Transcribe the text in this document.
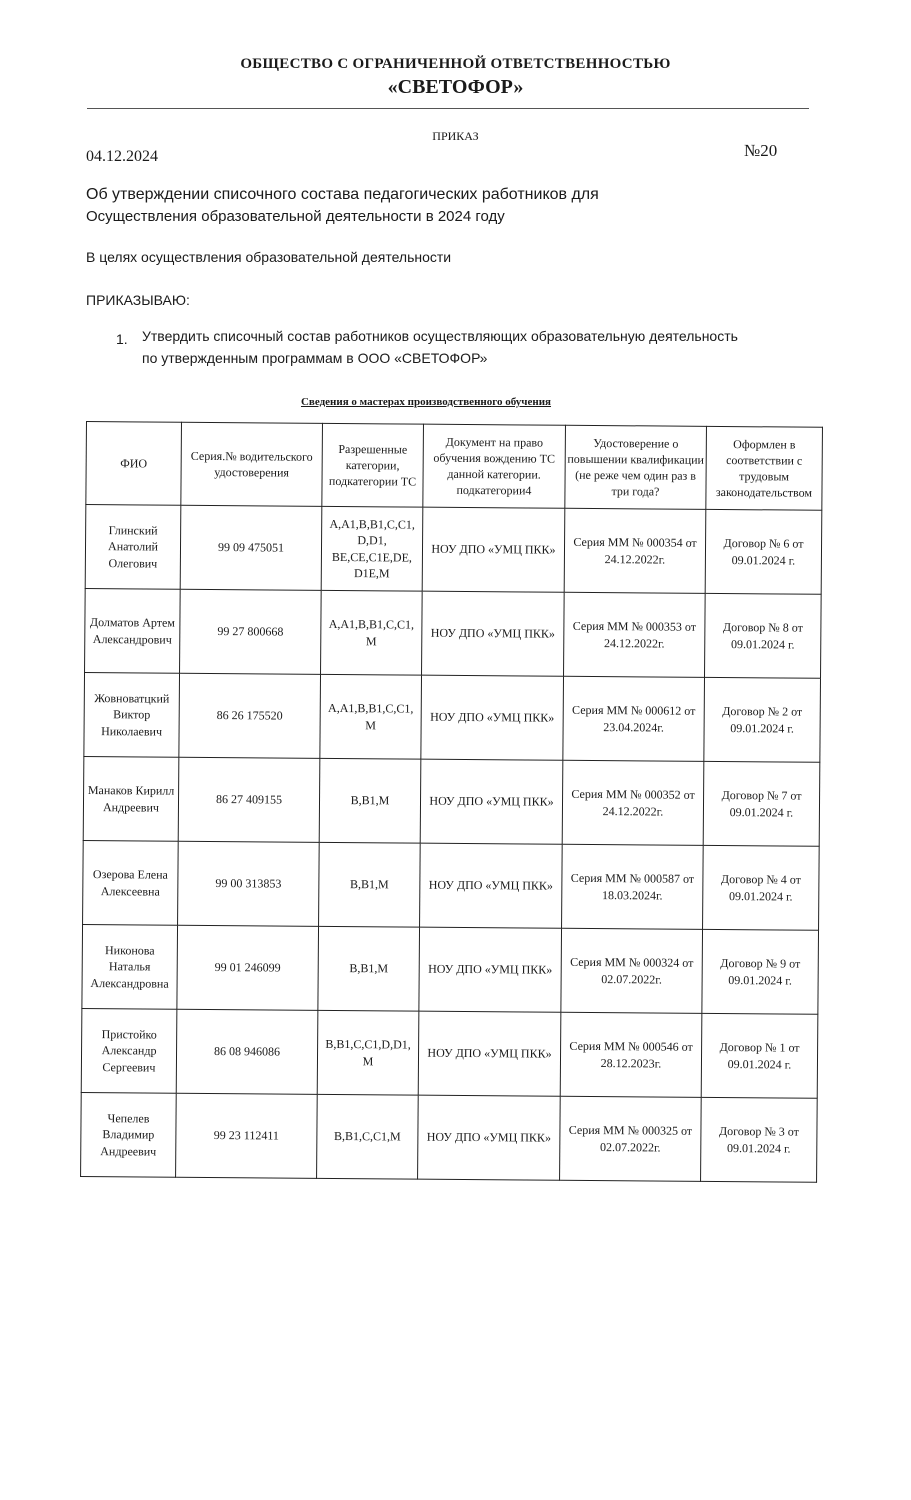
ОБЩЕСТВО С ОГРАНИЧЕННОЙ ОТВЕТСТВЕННОСТЬЮ
«СВЕТОФОР»
ПРИКАЗ
04.12.2024	№20
Об утверждении списочного состава педагогических работников для
Осуществления образовательной деятельности в 2024 году
В целях осуществления образовательной деятельности
ПРИКАЗЫВАЮ:
1. Утвердить списочный состав работников осуществляющих образовательную деятельность
по утвержденным программам в ООО «СВЕТОФОР»
Сведения о мастерах производственного обучения
ФИО	Серия.№ водительского удостоверения	Разрешенные категории, подкатегории ТС	Документ на право обучения вождению ТС данной категории. подкатегории4	Удостоверение о повышении квалификации (не реже чем один раз в три года?	Оформлен в соответствии с трудовым законодательством
Глинский Анатолий Олегович	99 09 475051	А,А1,В,В1,С,С1, D,D1, ВЕ,СЕ,С1Е,DЕ, D1Е,М	НОУ ДПО «УМЦ ПКК»	Серия ММ № 000354 от 24.12.2022г.	Договор № 6 от 09.01.2024 г.
Долматов Артем Александрович	99 27 800668	А,А1,В,В1,С,С1, М	НОУ ДПО «УМЦ ПКК»	Серия ММ № 000353 от 24.12.2022г.	Договор № 8 от 09.01.2024 г.
Жовноватцкий Виктор Николаевич	86 26 175520	А,А1,В,В1,С,С1, М	НОУ ДПО «УМЦ ПКК»	Серия ММ № 000612 от 23.04.2024г.	Договор № 2 от 09.01.2024 г.
Манаков Кирилл Андреевич	86 27 409155	В,В1,М	НОУ ДПО «УМЦ ПКК»	Серия ММ № 000352 от 24.12.2022г.	Договор № 7 от 09.01.2024 г.
Озерова Елена Алексеевна	99 00 313853	В,В1,М	НОУ ДПО «УМЦ ПКК»	Серия ММ № 000587 от 18.03.2024г.	Договор № 4 от 09.01.2024 г.
Никонова Наталья Александровна	99 01 246099	В,В1,М	НОУ ДПО «УМЦ ПКК»	Серия ММ № 000324 от 02.07.2022г.	Договор № 9 от 09.01.2024 г.
Пристойко Александр Сергеевич	86 08 946086	В,В1,С,С1,D,D1, М	НОУ ДПО «УМЦ ПКК»	Серия ММ № 000546 от 28.12.2023г.	Договор № 1 от 09.01.2024 г.
Чепелев Владимир Андреевич	99 23 112411	В,В1,С,С1,М	НОУ ДПО «УМЦ ПКК»	Серия ММ № 000325 от 02.07.2022г.	Договор № 3 от 09.01.2024 г.
